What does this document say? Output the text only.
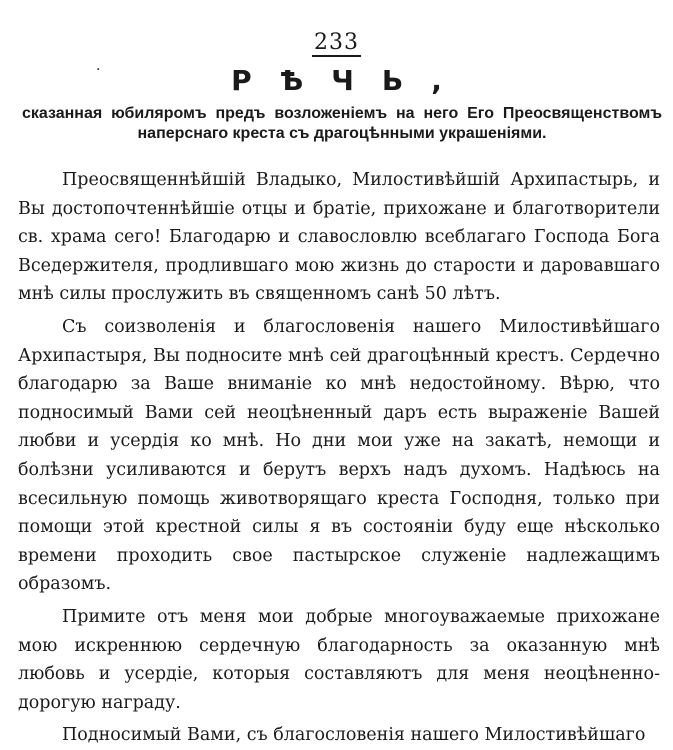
233
·	РѢЧЬ,
сказанная юбиляромъ предъ возложеніемъ на него Его Преосвященствомъ наперснаго креста съ драгоцѣнными украшеніями.

Преосвященнѣйшій Владыко, Милостивѣйшій Архипастырь, и Вы достопочтеннѣйшіе отцы и братіе, прихожане и благотворители св. храма сего! Благодарю и славословлю всеблагаго Господа Бога Вседержителя, продлившаго мою жизнь до старости и даровавшаго мнѣ силы прослужить въ священномъ санѣ 50 лѣтъ.

Съ соизволенія и благословенія нашего Милостивѣйшаго Архипастыря, Вы подносите мнѣ сей драгоцѣнный крестъ. Сердечно благодарю за Ваше вниманіе ко мнѣ недостойному. Вѣрю, что подносимый Вами сей неоцѣненный даръ есть выраженіе Вашей любви и усердія ко мнѣ. Но дни мои уже на закатѣ, немощи и болѣзни усиливаются и берутъ верхъ надъ духомъ. Надѣюсь на всесильную помощь животворящаго креста Господня, только при помощи этой крестной силы я въ состояніи буду еще нѣсколько времени проходить свое пастырское служеніе надлежащимъ образомъ.

Примите отъ меня мои добрые многоуважаемые прихожане мою искреннюю сердечную благодарность за оказанную мнѣ любовь и усердіе, которыя составляютъ для меня неоцѣненно-дорогую награду.

Подносимый Вами, съ благословенія нашего Милостивѣйшаго
